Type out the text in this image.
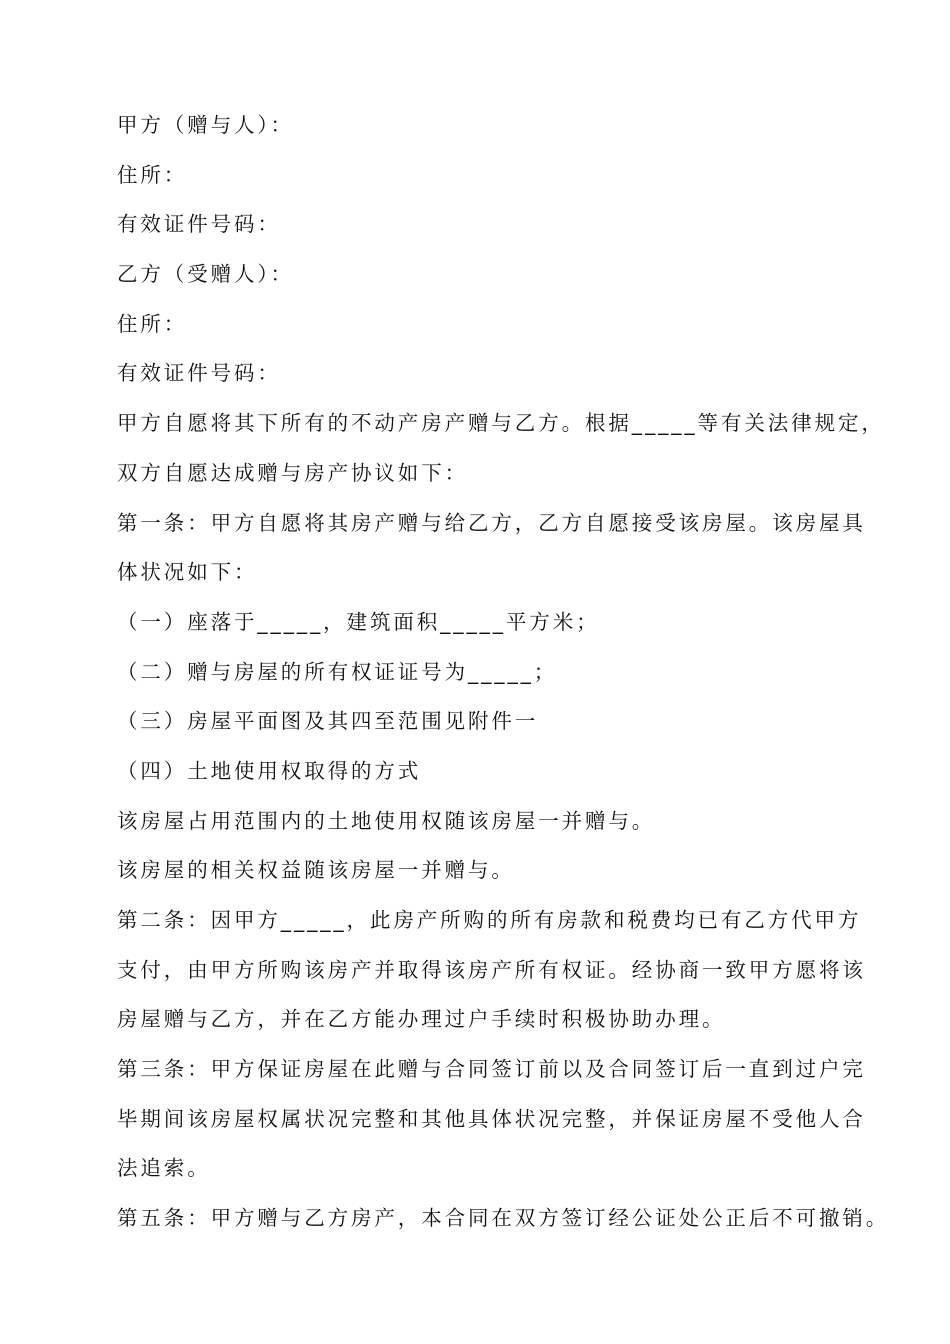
甲方（赠与人）：
住所：
有效证件号码：
乙方（受赠人）：
住所：
有效证件号码：
甲方自愿将其下所有的不动产房产赠与乙方。根据_____等有关法律规定，
双方自愿达成赠与房产协议如下：
第一条：甲方自愿将其房产赠与给乙方，乙方自愿接受该房屋。该房屋具
体状况如下：
（一）座落于_____，建筑面积_____平方米；
（二）赠与房屋的所有权证证号为_____；
（三）房屋平面图及其四至范围见附件一
（四）土地使用权取得的方式
该房屋占用范围内的土地使用权随该房屋一并赠与。
该房屋的相关权益随该房屋一并赠与。
第二条：因甲方_____，此房产所购的所有房款和税费均已有乙方代甲方
支付，由甲方所购该房产并取得该房产所有权证。经协商一致甲方愿将该
房屋赠与乙方，并在乙方能办理过户手续时积极协助办理。
第三条：甲方保证房屋在此赠与合同签订前以及合同签订后一直到过户完
毕期间该房屋权属状况完整和其他具体状况完整，并保证房屋不受他人合
法追索。
第五条：甲方赠与乙方房产，本合同在双方签订经公证处公正后不可撤销。
